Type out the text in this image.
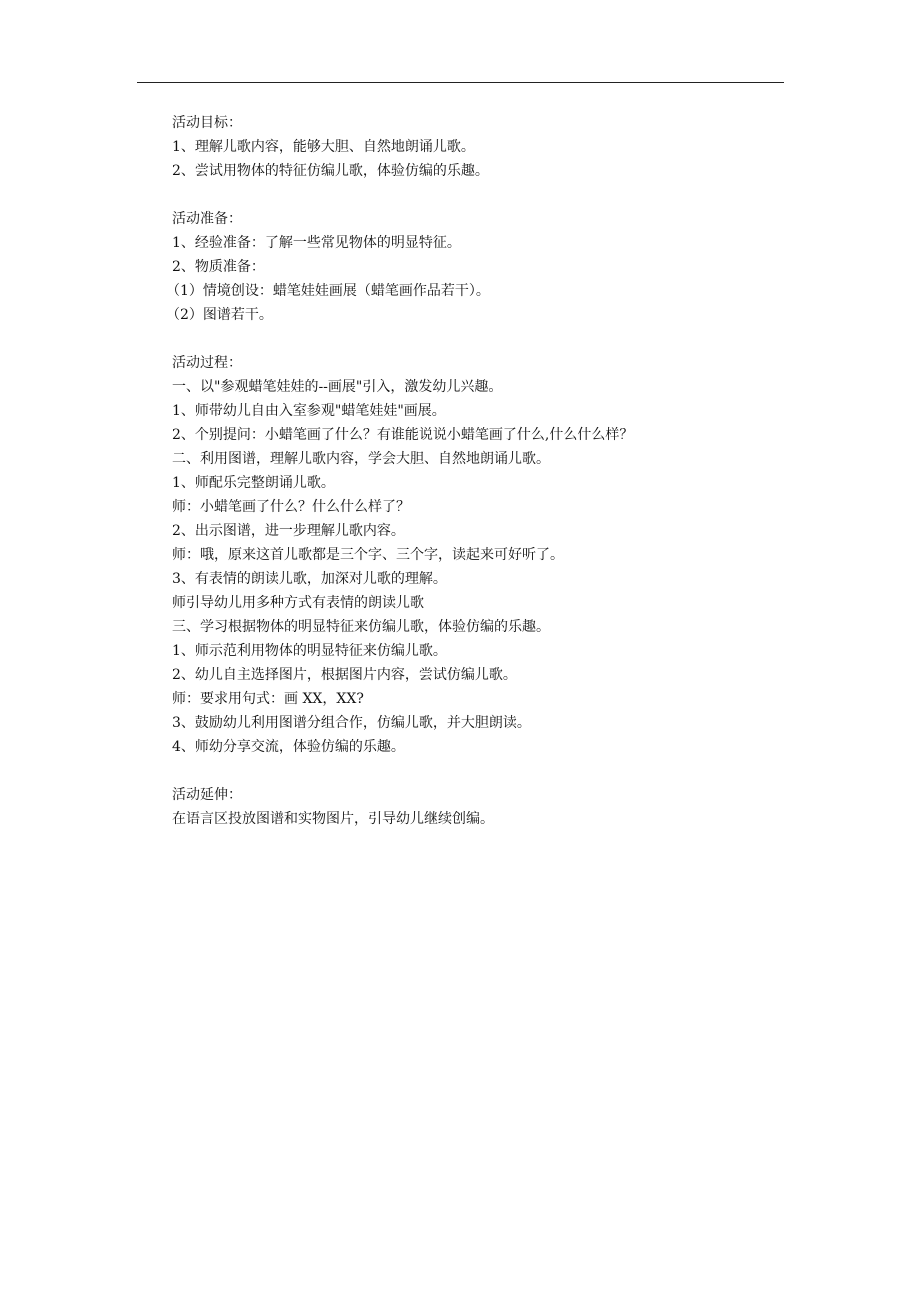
活动目标：
1、理解儿歌内容，能够大胆、自然地朗诵儿歌。
2、尝试用物体的特征仿编儿歌，体验仿编的乐趣。
活动准备：
1、经验准备：了解一些常见物体的明显特征。
2、物质准备：
（1）情境创设：蜡笔娃娃画展（蜡笔画作品若干）。
（2）图谱若干。
活动过程：
一、以"参观蜡笔娃娃的--画展"引入，激发幼儿兴趣。
1、师带幼儿自由入室参观"蜡笔娃娃"画展。
2、个别提问：小蜡笔画了什么？有谁能说说小蜡笔画了什么,什么什么样？
二、利用图谱，理解儿歌内容，学会大胆、自然地朗诵儿歌。
1、师配乐完整朗诵儿歌。
师：小蜡笔画了什么？什么什么样了？
2、出示图谱，进一步理解儿歌内容。
师：哦，原来这首儿歌都是三个字、三个字，读起来可好听了。
3、有表情的朗读儿歌，加深对儿歌的理解。
师引导幼儿用多种方式有表情的朗读儿歌
三、学习根据物体的明显特征来仿编儿歌，体验仿编的乐趣。
1、师示范利用物体的明显特征来仿编儿歌。
2、幼儿自主选择图片，根据图片内容，尝试仿编儿歌。
师：要求用句式：画 XX，XX?
3、鼓励幼儿利用图谱分组合作，仿编儿歌，并大胆朗读。
4、师幼分享交流，体验仿编的乐趣。
活动延伸：
在语言区投放图谱和实物图片，引导幼儿继续创编。
